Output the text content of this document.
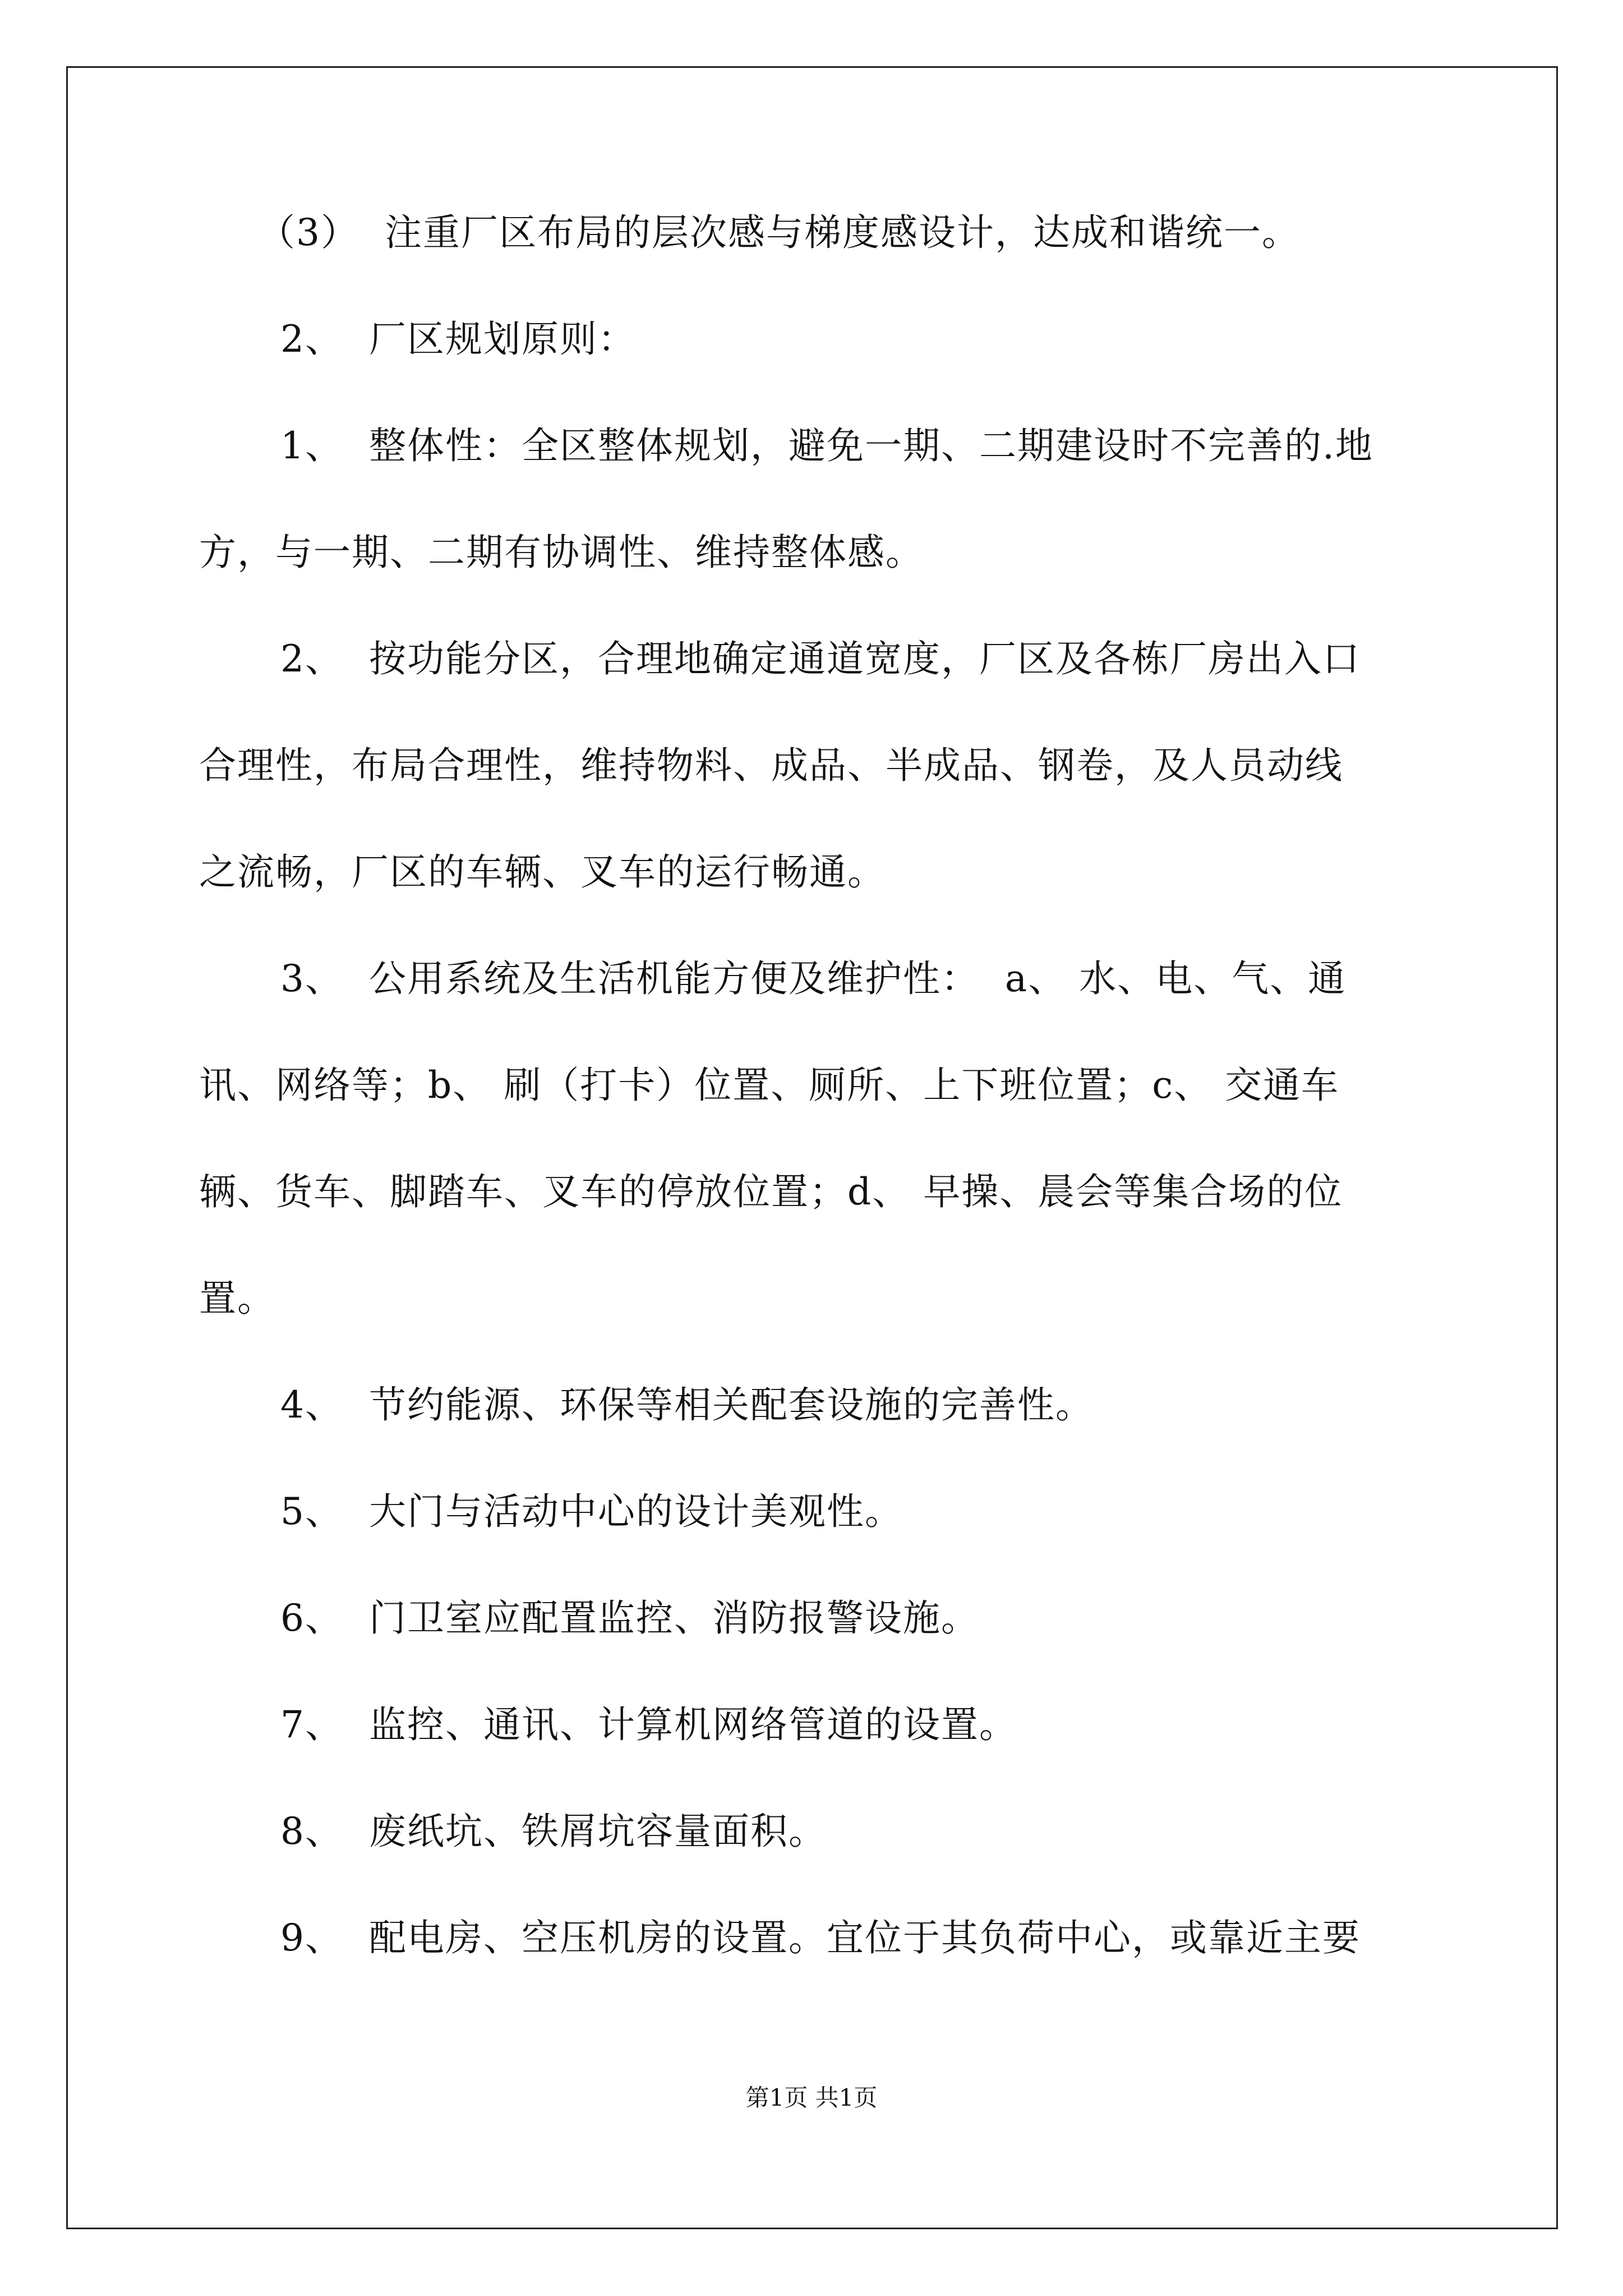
（3）  注重厂区布局的层次感与梯度感设计，达成和谐统一。
2、  厂区规划原则：
1、  整体性：全区整体规划，避免一期、二期建设时不完善的.地
方，与一期、二期有协调性、维持整体感。
2、  按功能分区，合理地确定通道宽度，厂区及各栋厂房出入口
合理性，布局合理性，维持物料、成品、半成品、钢卷，及人员动线
之流畅，厂区的车辆、叉车的运行畅通。
3、  公用系统及生活机能方便及维护性：  a、 水、电、气、通
讯、网络等；b、 刷（打卡）位置、厕所、上下班位置；c、 交通车
辆、货车、脚踏车、叉车的停放位置；d、 早操、晨会等集合场的位
置。
4、  节约能源、环保等相关配套设施的完善性。
5、  大门与活动中心的设计美观性。
6、  门卫室应配置监控、消防报警设施。
7、  监控、通讯、计算机网络管道的设置。
8、  废纸坑、铁屑坑容量面积。
9、  配电房、空压机房的设置。宜位于其负荷中心，或靠近主要
第1页 共1页
